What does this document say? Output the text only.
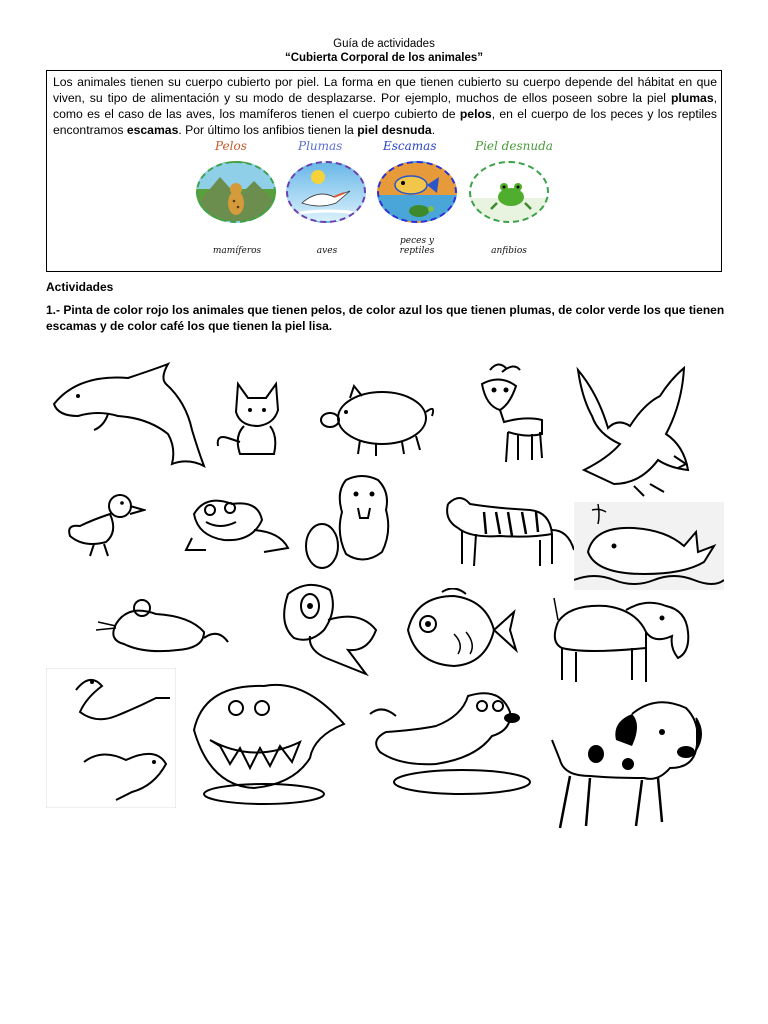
Guía de actividades
“Cubierta Corporal de los animales”

Los animales tienen su cuerpo cubierto por piel. La forma en que tienen cubierto su cuerpo depende del hábitat en que viven, su tipo de alimentación y su modo de desplazarse. Por ejemplo, muchos de ellos poseen sobre la piel plumas, como es el caso de las aves, los mamíferos tienen el cuerpo cubierto de pelos, en el cuerpo de los peces y los reptiles encontramos escamas. Por último los anfibios tienen la piel desnuda.

Pelos	Plumas	Escamas	Piel desnuda
mamíferos	aves
peces y
reptiles	anfibios
Actividades

1.- Pinta de color rojo los animales que tienen pelos, de color azul los que tienen plumas, de color verde los que tienen escamas y de color café los que tienen la piel lisa.
